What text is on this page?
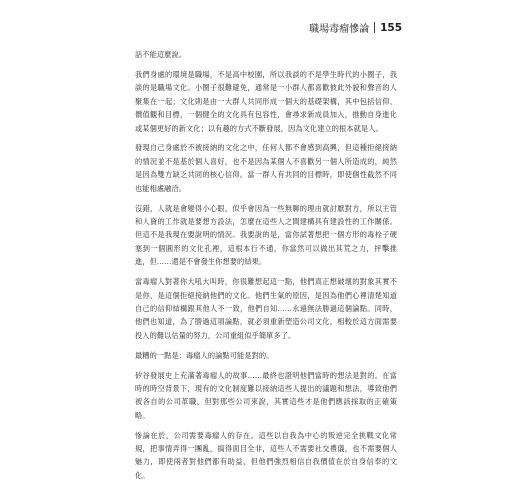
職場毒瘤慘論 155

話不能這麼說。

我們身處的環境是職場，不是高中校園，所以我談的不是學生時代的小圈子，我談的是職場文化。小圈子很難避免，通常是一小群人都喜歡彼此外貌和聲音的人聚集在一起；文化則是由一大群人共同形成一個大的基礎架構，其中包括信仰、價值觀和目標，一個健全的文化具有包容性，會尋求新成員加入，推動自身進化或某個更好的新文化；以有趣的方式不斷發展，因為文化建立的根本就是人。

發現自己身處於不被接納的文化之中，任何人都不會感到高興，但這種拒絕接納的情況並不是基於個人喜好，也不是因為某個人不喜歡另一個人所造成的，純然是因為雙方缺乏共同的核心信仰。當一群人有共同的目標時，即使個性截然不同也能相處融洽。

沒錯，人就是會變得小心眼，似乎會因為一些無聊的理由就討厭對方，所以主管和人資的工作就是要想方設法，怎麼在這些人之間建構具有建設性的工作關係。但這不是我現在要說明的情況。我要說的是，當你試著想把一個方形的毒栓子硬塞到一個圓形的文化孔裡，這根本行不通，你當然可以做出其荒之力，抨擊推進，但……還是不會發生你想要的結果。

當毒瘤人對著你大吼大叫時，你很難想起這一點，他們真正想破壞的對象其實不是你，是這個拒絕接納他們的文化。他們生氣的原因，是因為他們心裡清楚知道自己的信仰結構跟其他人不一致，他們自知……永遠無法勝過這個論點。同時，他們也知道，為了勝過這項論點，就必須重新塑造公司文化，相較於這方面需要投入的難以估量的努力，公司重組似乎簡單多了。

最糟的一點是：毒瘤人的論點可能是對的。

矽谷發展史上充滿著毒瘤人的故事……最終也證明他們當時的想法是對的。在當時的時空背景下，現有的文化制度難以接納這些人提出的議題和想法，導致他們被各自的公司革職，但對那些公司來說，其實這些才是他們應該採取的正確策略。

慘論在於，公司需要毒瘤人的存在。這些以自我為中心的叛逆完全挑戰文化常規，把事情弄得一團亂，搞得面目全非，這些人不需要社交禮儀，也不需要個人魅力，即使兩者對他們都有助益，但他們強烈相信自我價值在於自身信奉的文化。
